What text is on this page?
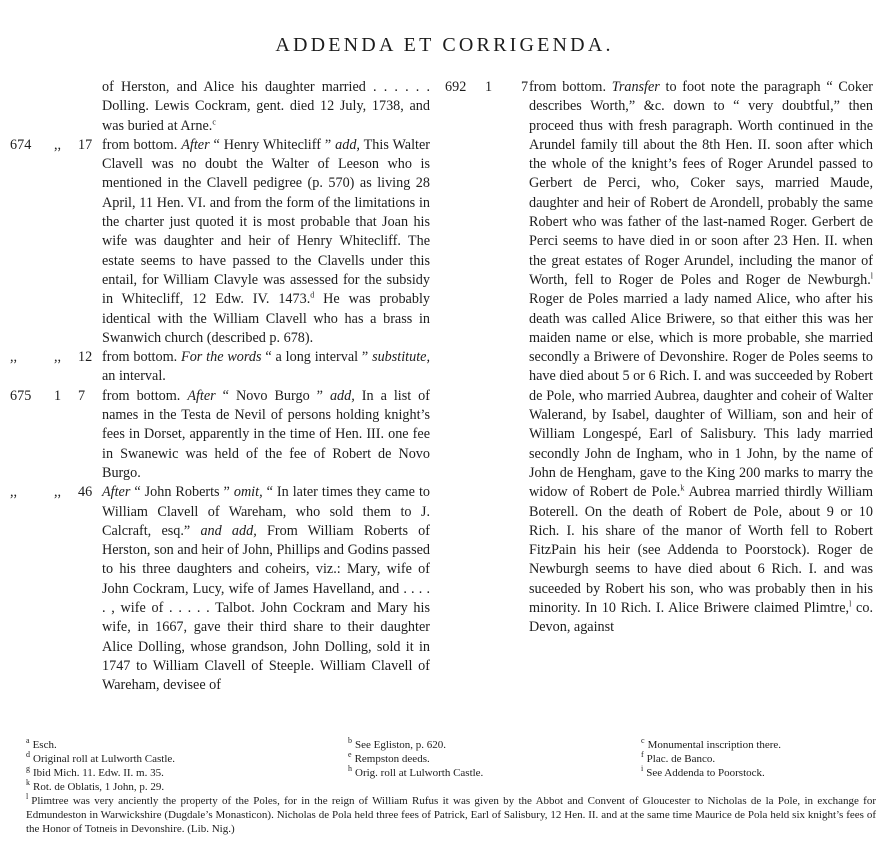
ADDENDA ET CORRIGENDA.
of Herston, and Alice his daughter married . . . . . . Dolling. Lewis Cockram, gent. died 12 July, 1738, and was buried at Arne.$^c$
674 ,, 17 from bottom. After “ Henry Whitecliff ” add, This Walter Clavell was no doubt the Walter of Leeson who is mentioned in the Clavell pedigree (p. 570) as living 28 April, 11 Hen. VI. and from the form of the limitations in the charter just quoted it is most probable that Joan his wife was daughter and heir of Henry Whitecliff. The estate seems to have passed to the Clavells under this entail, for William Clavyle was assessed for the subsidy in Whitecliff, 12 Edw. IV. 1473.$^d$ He was probably identical with the William Clavell who has a brass in Swanwich church (described p. 678).
,,	,, 12 from bottom. For the words “ a long interval ” substitute, an interval.
675 1 7 from bottom. After “ Novo Burgo ” add, In a list of names in the Testa de Nevil of persons holding knight’s fees in Dorset, apparently in the time of Hen. III. one fee in Swanewic was held of the fee of Robert de Novo Burgo.
,,	,, 46 After “ John Roberts ” omit, “ In later times they came to William Clavell of Wareham, who sold them to J. Calcraft, esq.” and add, From William Roberts of Herston, son and heir of John, Phillips and Godins passed to his three daughters and coheirs, viz.: Mary, wife of John Cockram, Lucy, wife of James Havelland, and . . . . . , wife of . . . . . Talbot. John Cockram and Mary his wife, in 1667, gave their third share to their daughter Alice Dolling, whose grandson, John Dolling, sold it in 1747 to William Clavell of Steeple. William Clavell of Wareham, devisee of
692 1 7 from bottom. Transfer to foot note the paragraph “ Coker describes Worth,” &c. down to “ very doubtful,” then proceed thus with fresh paragraph. Worth continued in the Arundel family till about the 8th Hen. II. soon after which the whole of the knight’s fees of Roger Arundel passed to Gerbert de Perci, who, Coker says, married Maude, daughter and heir of Robert de Arondell, probably the same Robert who was father of the last-named Roger. Gerbert de Perci seems to have died in or soon after 23 Hen. II. when the great estates of Roger Arundel, including the manor of Worth, fell to Roger de Poles and Roger de Newburgh.$^l$ Roger de Poles married a lady named Alice, who after his death was called Alice Briwere, so that either this was her maiden name or else, which is more probable, she married secondly a Briwere of Devonshire. Roger de Poles seems to have died about 5 or 6 Rich. I. and was succeeded by Robert de Pole, who married Aubrea, daughter and coheir of Walter Walerand, by Isabel, daughter of William, son and heir of William Longespé, Earl of Salisbury. This lady married secondly John de Ingham, who in 1 John, by the name of John de Hengham, gave to the King 200 marks to marry the widow of Robert de Pole.$^k$ Aubrea married thirdly William Boterell. On the death of Robert de Pole, about 9 or 10 Rich. I. his share of the manor of Worth fell to Robert FitzPain his heir (see Addenda to Poorstock). Roger de Newburgh seems to have died about 6 Rich. I. and was suceeded by Robert his son, who was probably then in his minority. In 10 Rich. I. Alice Briwere claimed Plimtre,$^l$ co. Devon, against
$^a$ Esch.	$^b$ See Egliston, p. 620.	$^c$ Monumental inscription there.
$^d$ Original roll at Lulworth Castle.	$^e$ Rempston deeds.	$^f$ Plac. de Banco.
$^g$ Ibid Mich. 11. Edw. II. m. 35.	$^h$ Orig. roll at Lulworth Castle.	$^i$ See Addenda to Poorstock.
$^k$ Rot. de Oblatis, 1 John, p. 29.
$^l$ Plimtree was very anciently the property of the Poles, for in the reign of William Rufus it was given by the Abbot and Convent of Gloucester to Nicholas de la Pole, in exchange for Edmundeston in Warwickshire (Dugdale’s Monasticon). Nicholas de Pola held three fees of Patrick, Earl of Salisbury, 12 Hen. II. and at the same time Maurice de Pola held six knight’s fees of the Honor of Totneis in Devonshire. (Lib. Nig.)
